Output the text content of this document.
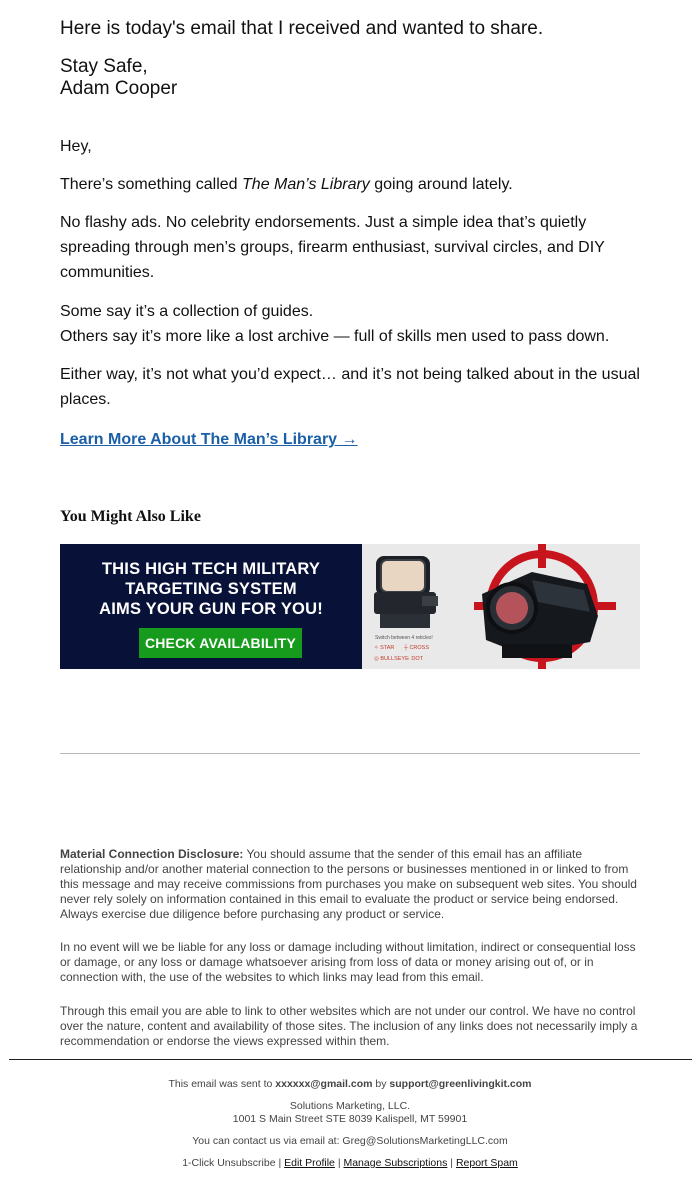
Here is today's email that I received and wanted to share.

Stay Safe,

Adam Cooper

Hey,

There’s something called The Man’s Library going around lately.

No flashy ads. No celebrity endorsements. Just a simple idea that’s quietly spreading through men’s groups, firearm enthusiast, survival circles, and DIY communities.

Some say it’s a collection of guides.

Others say it’s more like a lost archive — full of skills men used to pass down.

Either way, it’s not what you’d expect… and it’s not being talked about in the usual places.

Learn More About The Man’s Library →

You Might Also Like

THIS HIGH TECH MILITARY
TARGETING SYSTEM
AIMS YOUR GUN FOR YOU!
CHECK AVAILABILITY	Switch between 4 reticles!
✧ STAR ┼ CROSS
◎ BULLSEYE · DOT

Material Connection Disclosure: You should assume that the sender of this email has an affiliate relationship and/or another material connection to the persons or businesses mentioned in or linked to from this message and may receive commissions from purchases you make on subsequent web sites. You should never rely solely on information contained in this email to evaluate the product or service being endorsed. Always exercise due diligence before purchasing any product or service.

In no event will we be liable for any loss or damage including without limitation, indirect or consequential loss or damage, or any loss or damage whatsoever arising from loss of data or money arising out of, or in connection with, the use of the websites to which links may lead from this email.

Through this email you are able to link to other websites which are not under our control. We have no control over the nature, content and availability of those sites. The inclusion of any links does not necessarily imply a recommendation or endorse the views expressed within them.

This email was sent to xxxxxx@gmail.com by support@greenlivingkit.com

Solutions Marketing, LLC.

1001 S Main Street STE 8039 Kalispell, MT 59901

You can contact us via email at: Greg@SolutionsMarketingLLC.com

1-Click Unsubscribe | Edit Profile | Manage Subscriptions | Report Spam
